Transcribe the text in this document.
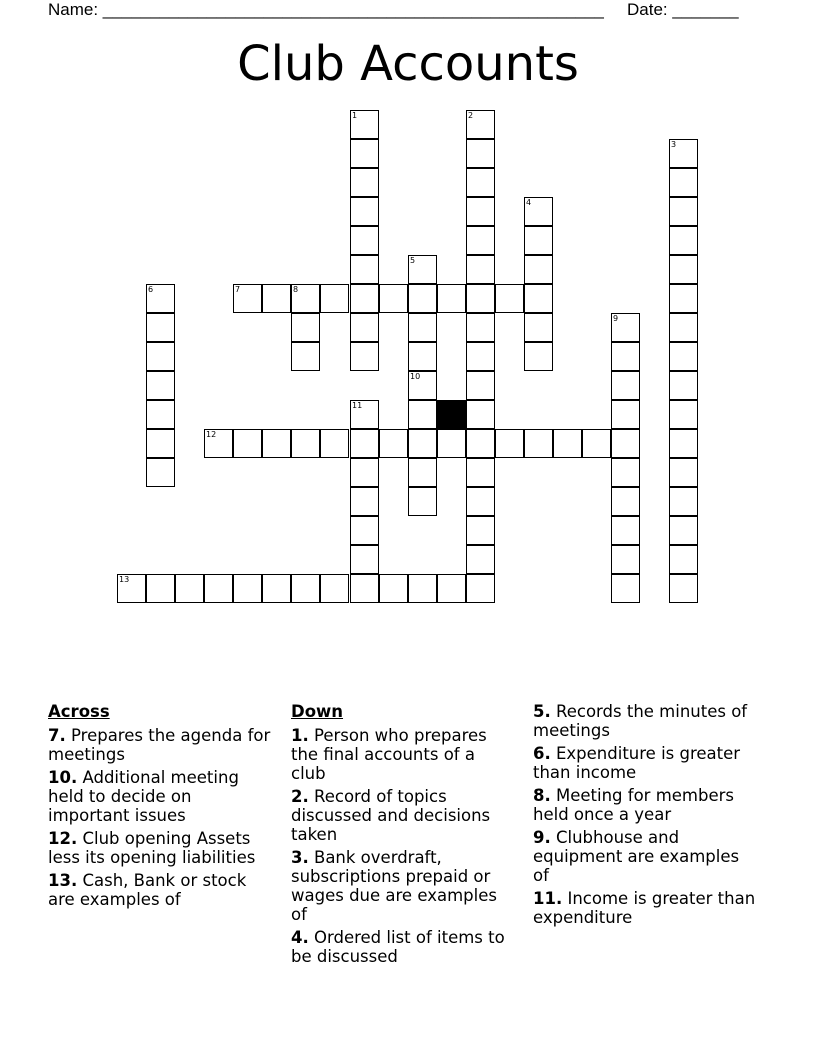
Name: _____________________________________________________ Date: _______
Club Accounts
1	2
3
4
5
6	7	8
9
10
11
12
13
Across
7. Prepares the agenda for meetings
10. Additional meeting held to decide on important issues
12. Club opening Assets less its opening liabilities
13. Cash, Bank or stock are examples of
Down
1. Person who prepares the final accounts of a club
2. Record of topics discussed and decisions taken
3. Bank overdraft, subscriptions prepaid or wages due are examples of
4. Ordered list of items to be discussed
5. Records the minutes of meetings
6. Expenditure is greater than income
8. Meeting for members held once a year
9. Clubhouse and equipment are examples of
11. Income is greater than expenditure
